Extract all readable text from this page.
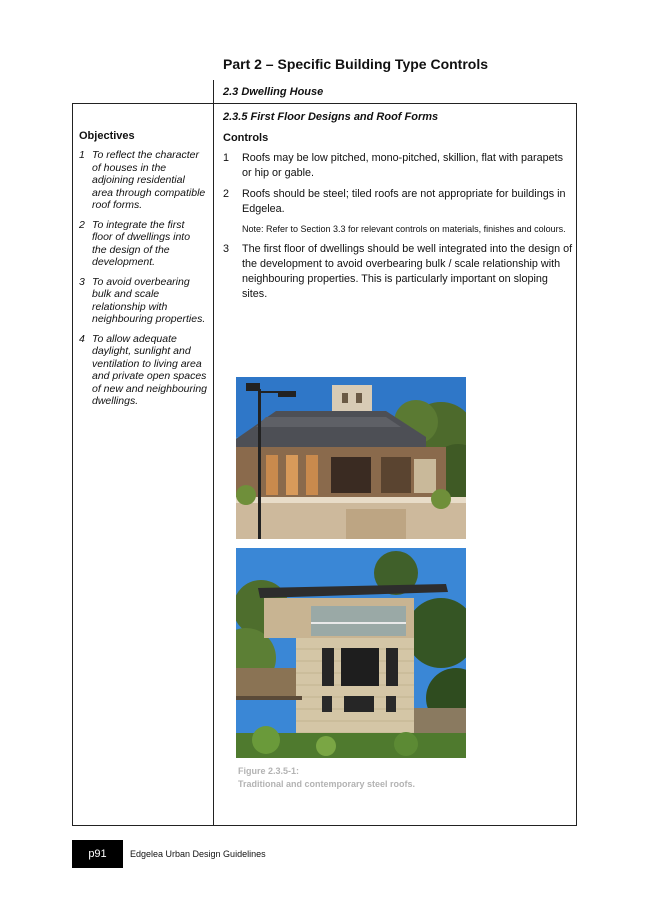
Part 2 – Specific Building Type Controls
2.3 Dwelling House
Objectives
1 To reflect the character of houses in the adjoining residential area through compatible roof forms.
2 To integrate the first floor of dwellings into the design of the development.
3 To avoid overbearing bulk and scale relationship with neighbouring properties.
4 To allow adequate daylight, sunlight and ventilation to living area and private open spaces of new and neighbouring dwellings.
2.3.5 First Floor Designs and Roof Forms
Controls
1	Roofs may be low pitched, mono-pitched, skillion, flat with parapets or hip or gable.
2	Roofs should be steel; tiled roofs are not appropriate for buildings in Edgelea.
Note: Refer to Section 3.3 for relevant controls on materials, finishes and colours.
3	The first floor of dwellings should be well integrated into the design of the development to avoid overbearing bulk / scale relationship with neighbouring properties. This is particularly important on sloping sites.
Figure 2.3.5-1:
Traditional and contemporary steel roofs.
p91	Edgelea Urban Design Guidelines
